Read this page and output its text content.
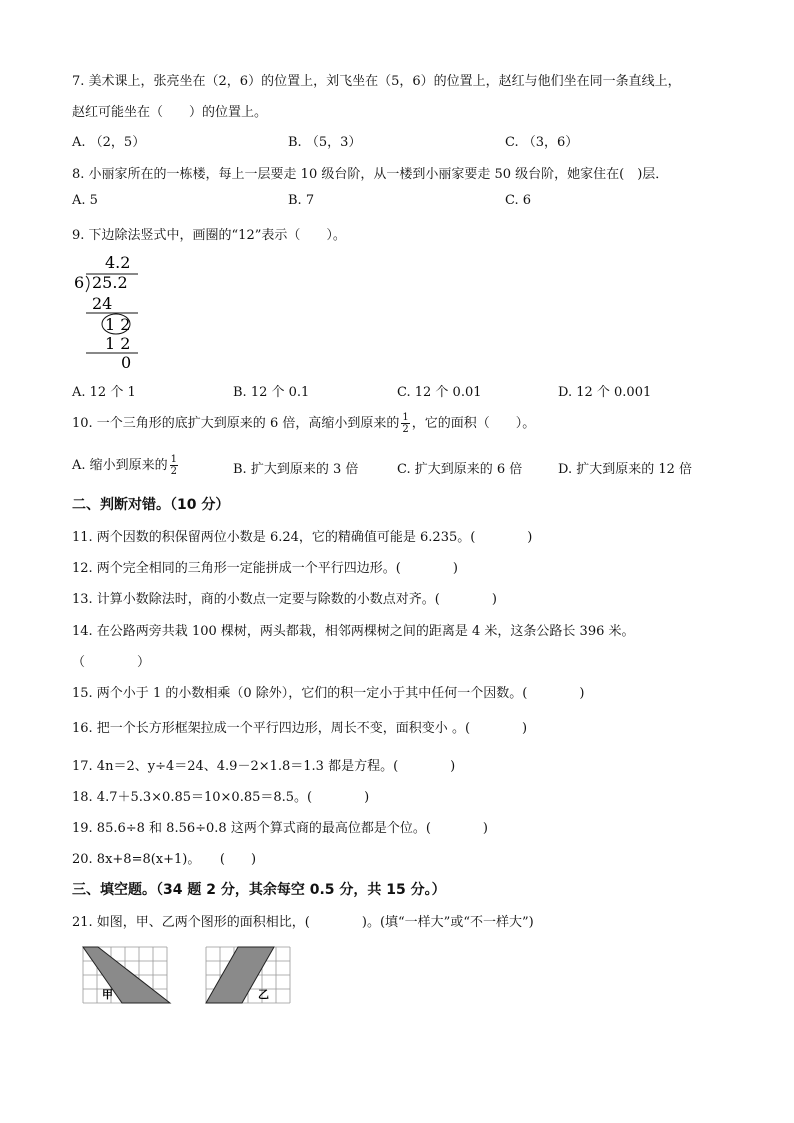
7. 美术课上，张亮坐在（2，6）的位置上，刘飞坐在（5，6）的位置上，赵红与他们坐在同一条直线上，
赵红可能坐在（　　）的位置上。
A. （2，5）	B. （5，3）	C. （3，6）
8. 小丽家所在的一栋楼，每上一层要走 10 级台阶，从一楼到小丽家要走 50 级台阶，她家住在(　)层．
A. 5	B. 7	C. 6
9. 下边除法竖式中，画圈的“12”表示（　　）。
4.2
6 25.2
24
1 2
1 2
0
A. 12 个 1	B. 12 个 0.1	C. 12 个 0.01	D. 12 个 0.001
10. 一个三角形的底扩大到原来的 6 倍，高缩小到原来的 $\frac{1}{2}$ ，它的面积（　　）。
A. 缩小到原来的 $\frac{1}{2}$	B. 扩大到原来的 3 倍	C. 扩大到原来的 6 倍	D. 扩大到原来的 12 倍
二、判断对错。（10 分）
11. 两个因数的积保留两位小数是 6.24，它的精确值可能是 6.235。(　　　　)
12. 两个完全相同的三角形一定能拼成一个平行四边形。(　　　　)
13. 计算小数除法时，商的小数点一定要与除数的小数点对齐。(　　　　)
14. 在公路两旁共栽 100 棵树，两头都栽，相邻两棵树之间的距离是 4 米，这条公路长 396 米。
（　　　　）
15. 两个小于 1 的小数相乘（0 除外），它们的积一定小于其中任何一个因数。(　　　　)
16. 把一个长方形框架拉成一个平行四边形，周长不变，面积变小 。(　　　　)
17. 4n＝2、y÷4＝24、4.9－2×1.8＝1.3 都是方程。(　　　　)
18. 4.7＋5.3×0.85＝10×0.85＝8.5。(　　　　)
19. 85.6÷8 和 8.56÷0.8 这两个算式商的最高位都是个位。(　　　　)
20. 8x+8=8(x+1)。　　(　　)
三、填空题。（34 题 2 分，其余每空 0.5 分，共 15 分。）
21. 如图，甲、乙两个图形的面积相比，(　　　　)。(填“一样大”或“不一样大”)
甲	乙
